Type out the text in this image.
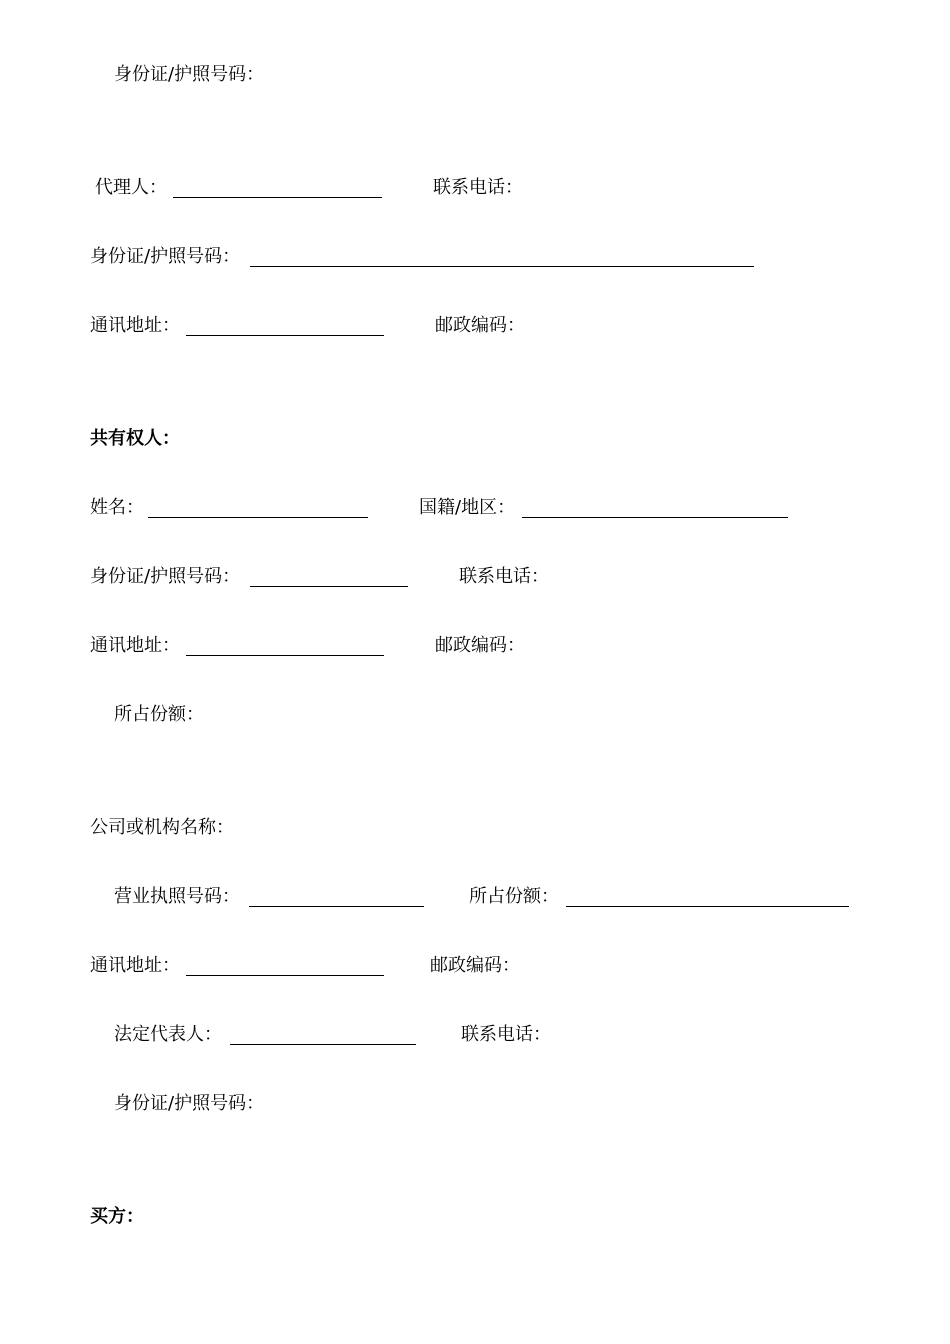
身份证/护照号码：
代理人：	联系电话：
身份证/护照号码：
通讯地址：	邮政编码：
共有权人：
姓名：	国籍/地区：
身份证/护照号码：	联系电话：
通讯地址：	邮政编码：
所占份额：
公司或机构名称：
营业执照号码：	所占份额：
通讯地址：	邮政编码：
法定代表人：	联系电话：
身份证/护照号码：
买方：
